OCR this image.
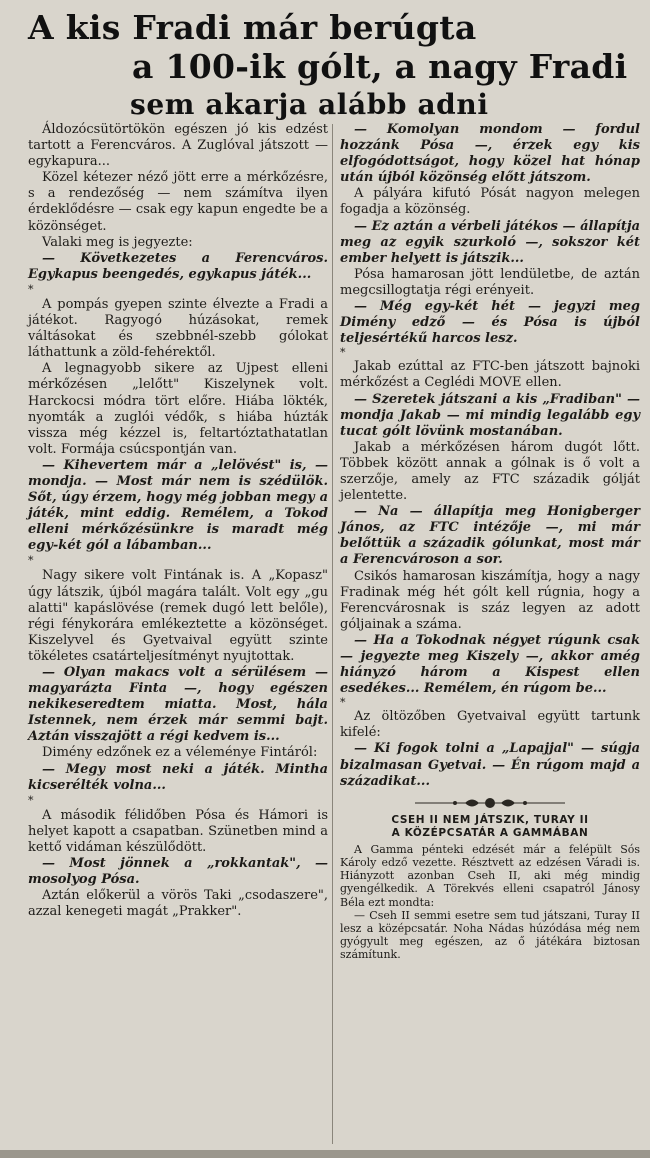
A kis Fradi már berúgta
a 100-ik gólt, a nagy Fradi
sem akarja alább adni

Áldozócsütörtökön egészen jó kis edzést tartott a Ferencváros. A Zuglóval játszott — egykapura...

Közel kétezer néző jött erre a mérkőzésre, s a rendezőség — nem számítva ilyen érdeklődésre — csak egy kapun engedte be a közönséget.

Valaki meg is jegyezte:

— Következetes a Ferencváros. Egykapus beengedés, egykapus játék...

*

A pompás gyepen szinte élvezte a Fradi a játékot. Ragyogó húzásokat, remek váltásokat és szebbnél-szebb gólokat láthattunk a zöld-fehérektől.

A legnagyobb sikere az Ujpest elleni mérkőzésen „lelőtt" Kiszelynek volt. Harckocsi módra tört előre. Hiába lökték, nyomták a zuglói védők, s hiába húzták vissza még kézzel is, feltartóztathatatlan volt. Formája csúcspontján van.

— Kihevertem már a „lelövést" is, — mondja. — Most már nem is szédülök. Sőt, úgy érzem, hogy még jobban megy a játék, mint eddig. Remélem, a Tokod elleni mérkőzésünkre is maradt még egy-két gól a lábamban...

*

Nagy sikere volt Fintának is. A „Kopasz" úgy látszik, újból magára talált. Volt egy „gu alatti" kapáslövése (remek dugó lett belőle), régi fénykorára emlékeztette a közönséget. Kiszelyvel és Gyetvaival együtt szinte tökéletes csatárteljesítményt nyujtottak.

— Olyan makacs volt a sérülésem — magyarázta Finta —, hogy egészen nekikeseredtem miatta. Most, hála Istennek, nem érzek már semmi bajt. Aztán visszajött a régi kedvem is...

Dimény edzőnek ez a véleménye Fintáról:

— Megy most neki a játék. Mintha kicserélték volna...

*

A második félidőben Pósa és Hámori is helyet kapott a csapatban. Szünetben mind a kettő vidáman készülődött.

— Most jönnek a „rokkantak", — mosolyog Pósa.

Aztán előkerül a vörös Taki „csodaszere", azzal kenegeti magát „Prakker".

— Komolyan mondom — fordul hozzánk Pósa —, érzek egy kis elfogódottságot, hogy közel hat hónap után újból közönség előtt játszom.

A pályára kifutó Pósát nagyon melegen fogadja a közönség.

— Ez aztán a vérbeli játékos — állapítja meg az egyik szurkoló —, sokszor két ember helyett is játszik...

Pósa hamarosan jött lendületbe, de aztán megcsillogtatja régi erényeit.

— Még egy-két hét — jegyzi meg Dimény edző — és Pósa is újból teljesértékű harcos lesz.

*

Jakab ezúttal az FTC-ben játszott bajnoki mérkőzést a Ceglédi MOVE ellen.

— Szeretek játszani a kis „Fradiban" — mondja Jakab — mi mindig legalább egy tucat gólt lövünk mostanában.

Jakab a mérkőzésen három dugót lőtt. Többek között annak a gólnak is ő volt a szerzője, amely az FTC századik gólját jelentette.

— Na — állapítja meg Honigberger János, az FTC intézője —, mi már belőttük a századik gólunkat, most már a Ferencvároson a sor.

Csikós hamarosan kiszámítja, hogy a nagy Fradinak még hét gólt kell rúgnia, hogy a Ferencvárosnak is száz legyen az adott góljainak a száma.

— Ha a Tokodnak négyet rúgunk csak — jegyezte meg Kiszely —, akkor amég hiányzó három a Kispest ellen esedékes... Remélem, én rúgom be...

*

Az öltözőben Gyetvaival együtt tartunk kifelé:

— Ki fogok tolni a „Lapajjal" — súgja bizalmasan Gyetvai. — Én rúgom majd a századikat...

CSEH II NEM JÁTSZIK, TURAY II
A KÖZÉPCSATÁR A GAMMÁBAN

A Gamma pénteki edzését már a felépült Sós Károly edző vezette. Résztvett az edzésen Váradi is. Hiányzott azonban Cseh II, aki még mindig gyengélkedik. A Törekvés elleni csapatról Jánosy Béla ezt mondta:

— Cseh II semmi esetre sem tud játszani, Turay II lesz a középcsatár. Noha Nádas húzódása még nem gyógyult meg egészen, az ő játékára biztosan számítunk.
